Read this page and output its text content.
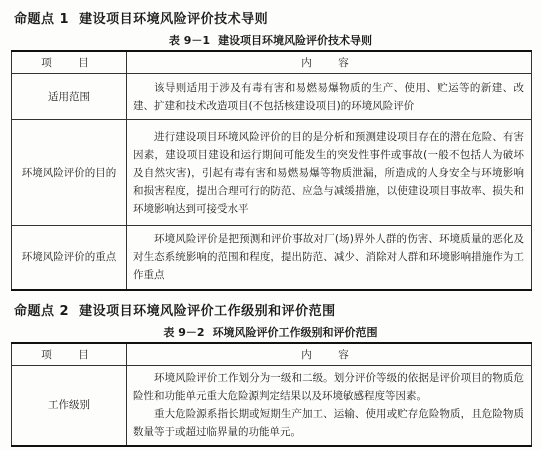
命题点 1 建设项目环境风险评价技术导则
表 9－1 建设项目环境风险评价技术导则
项　目	内　容
适用范围	该导则适用于涉及有毒有害和易燃易爆物质的生产、使用、贮运等的新建、改建、扩建和技术改造项目(不包括核建设项目)的环境风险评价
环境风险评价的目的	进行建设项目环境风险评价的目的是分析和预测建设项目存在的潜在危险、有害因素，建设项目建设和运行期间可能发生的突发性事件或事故(一般不包括人为破坏及自然灾害)，引起有毒有害和易燃易爆等物质泄漏，所造成的人身安全与环境影响和损害程度，提出合理可行的防范、应急与减缓措施，以使建设项目事故率、损失和环境影响达到可接受水平
环境风险评价的重点	环境风险评价是把预测和评价事故对厂(场)界外人群的伤害、环境质量的恶化及对生态系统影响的范围和程度，提出防范、减少、消除对人群和环境影响措施作为工作重点
命题点 2 建设项目环境风险评价工作级别和评价范围
表 9－2 环境风险评价工作级别和评价范围
项　目	内　容
工作级别	环境风险评价工作划分为一级和二级。划分评价等级的依据是评价项目的物质危险性和功能单元重大危险源判定结果以及环境敏感程度等因素。
重大危险源系指长期或短期生产加工、运输、使用或贮存危险物质，且危险物质数量等于或超过临界量的功能单元。
